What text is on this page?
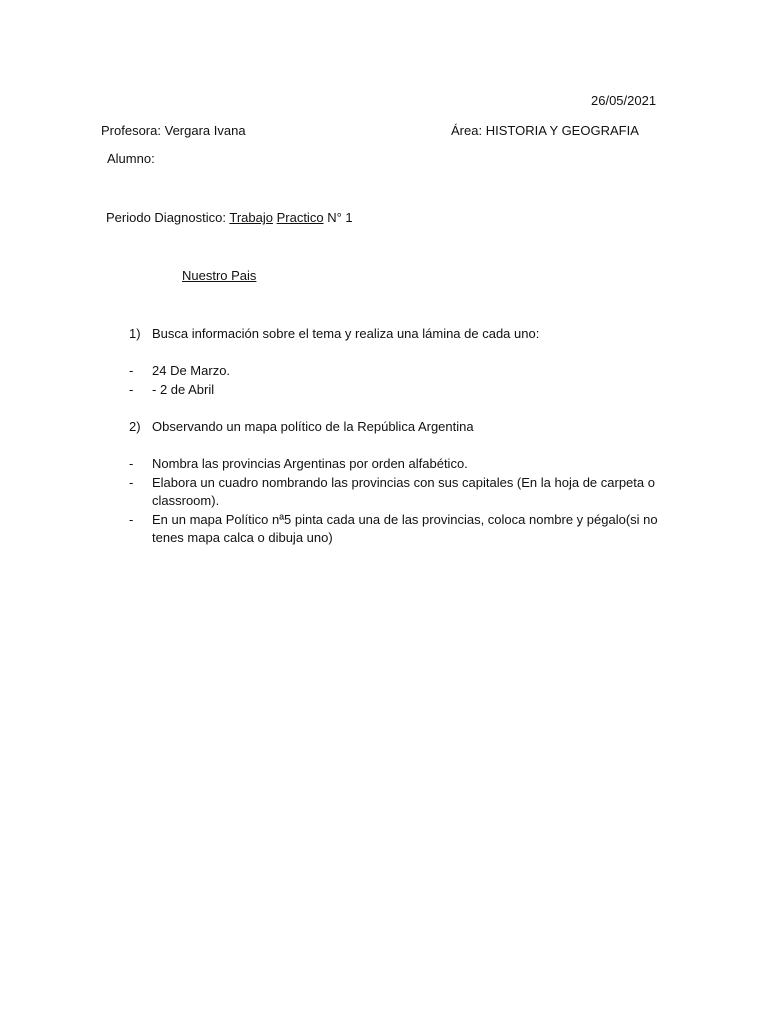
26/05/2021
Profesora: Vergara Ivana	Área: HISTORIA Y GEOGRAFIA
Alumno:
Periodo Diagnostico: Trabajo Practico N° 1
Nuestro Pais
1) Busca información sobre el tema y realiza una lámina de cada uno:
- 24 De Marzo.
- - 2 de Abril
2) Observando un mapa político de la República Argentina
- Nombra las provincias Argentinas por orden alfabético.
- Elabora un cuadro nombrando las provincias con sus capitales (En la hoja de carpeta o
classroom).
- En un mapa Político nª5 pinta cada una de las provincias, coloca nombre y pégalo(si no
tenes mapa calca o dibuja uno)
